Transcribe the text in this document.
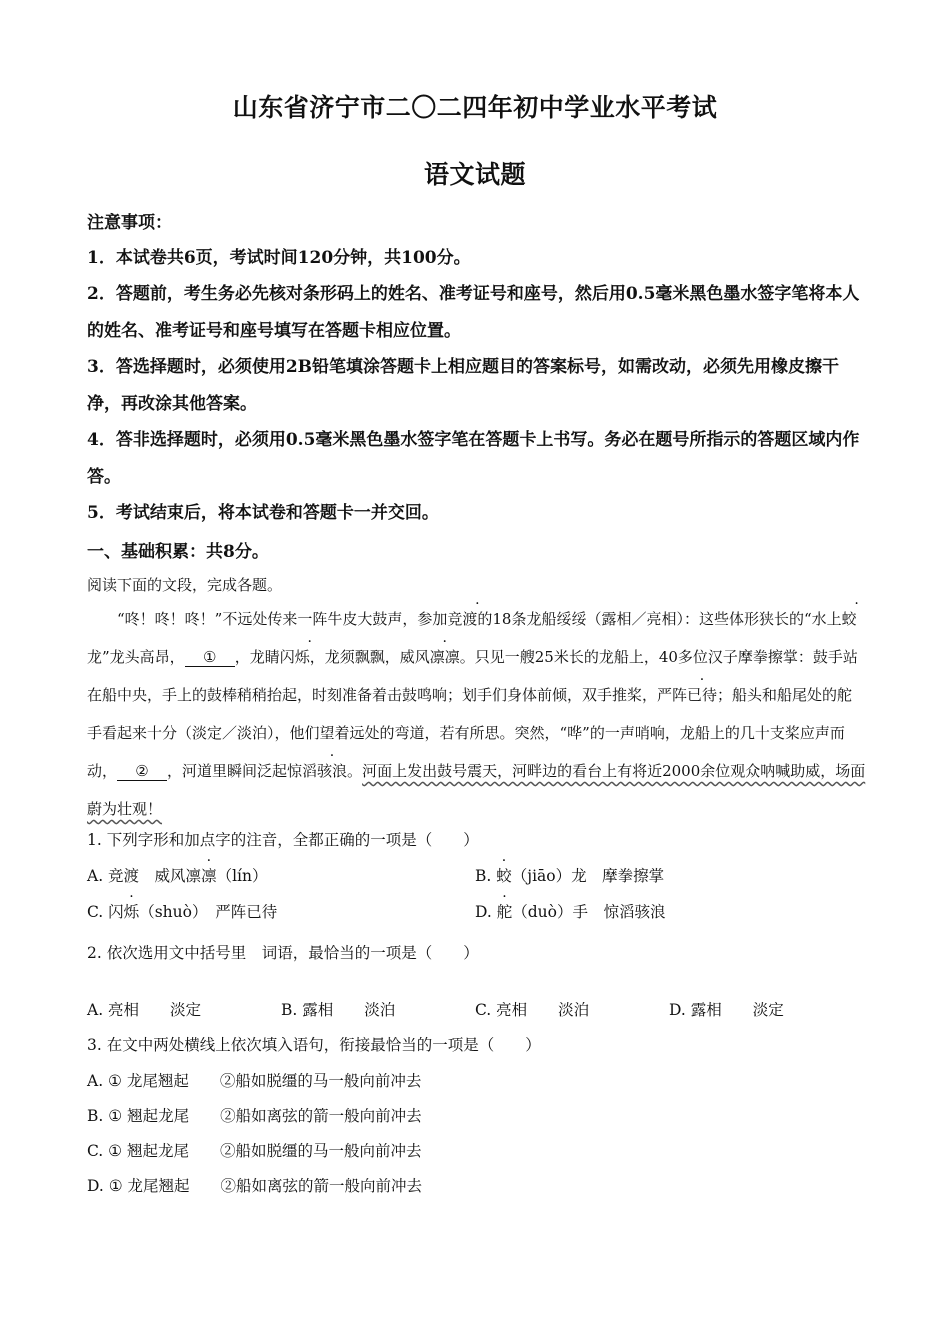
山东省济宁市二〇二四年初中学业水平考试
语文试题
注意事项：
1．本试卷共6页，考试时间120分钟，共100分。
2．答题前，考生务必先核对条形码上的姓名、准考证号和座号，然后用0.5毫米黑色墨水签字笔将本人的姓名、准考证号和座号填写在答题卡相应位置。
3．答选择题时，必须使用2B铅笔填涂答题卡上相应题目的答案标号，如需改动，必须先用橡皮擦干净，再改涂其他答案。
4．答非选择题时，必须用0.5毫米黑色墨水签字笔在答题卡上书写。务必在题号所指示的答题区域内作答。
5．考试结束后，将本试卷和答题卡一并交回。
一、基础积累：共8分。
阅读下面的文段，完成各题。
“咚！咚！咚！”不远处传来一阵牛皮大鼓声，参加竞渡的18条龙船绥绥（露相／亮相）：这些体形狭长的“水上· 蛟龙”龙头高昂， ① ，龙睛闪烁，龙须飘飘，威风凛凛。只见一艘25米长的龙船上，40多位汉子摩拳擦掌：鼓手站在船中央，手上的鼓棒稍稍抬起，时刻准备着击鼓鸣响；划手们身体前倾，双手推桨，严阵已待；船头和船尾处的舵手看起来十分（淡定／淡泊），他们望着远处的弯道，若有所思。突然，“哗”的一声哨响，龙船上的几十支桨应声而动， ② ，河道里瞬间泛起惊滔骇浪。河面上发出鼓号震天，河畔边的看台上有将近2000余位观众呐喊助威，场面蔚为壮观！
1. 下列字形和加点字的注音，全都正确的一项是（　　）
A. 竞渡　威风凛凛（lín）	B. 蛟（jiāo）龙　摩拳擦掌
C. 闪烁（shuò）　严阵已待	D. 舵（duò）手　惊滔骇浪
2. 依次选用文中括号里　词语，最恰当的一项是（　　）
A. 亮相　　淡定	B. 露相　　淡泊	C. 亮相　　淡泊	D. 露相　　淡定
3. 在文中两处横线上依次填入语句，衔接最恰当的一项是（　　）
A. ① 龙尾翘起　　②船如脱缰的马一般向前冲去
B. ① 翘起龙尾　　②船如离弦的箭一般向前冲去
C. ① 翘起龙尾　　②船如脱缰的马一般向前冲去
D. ① 龙尾翘起　　②船如离弦的箭一般向前冲去
